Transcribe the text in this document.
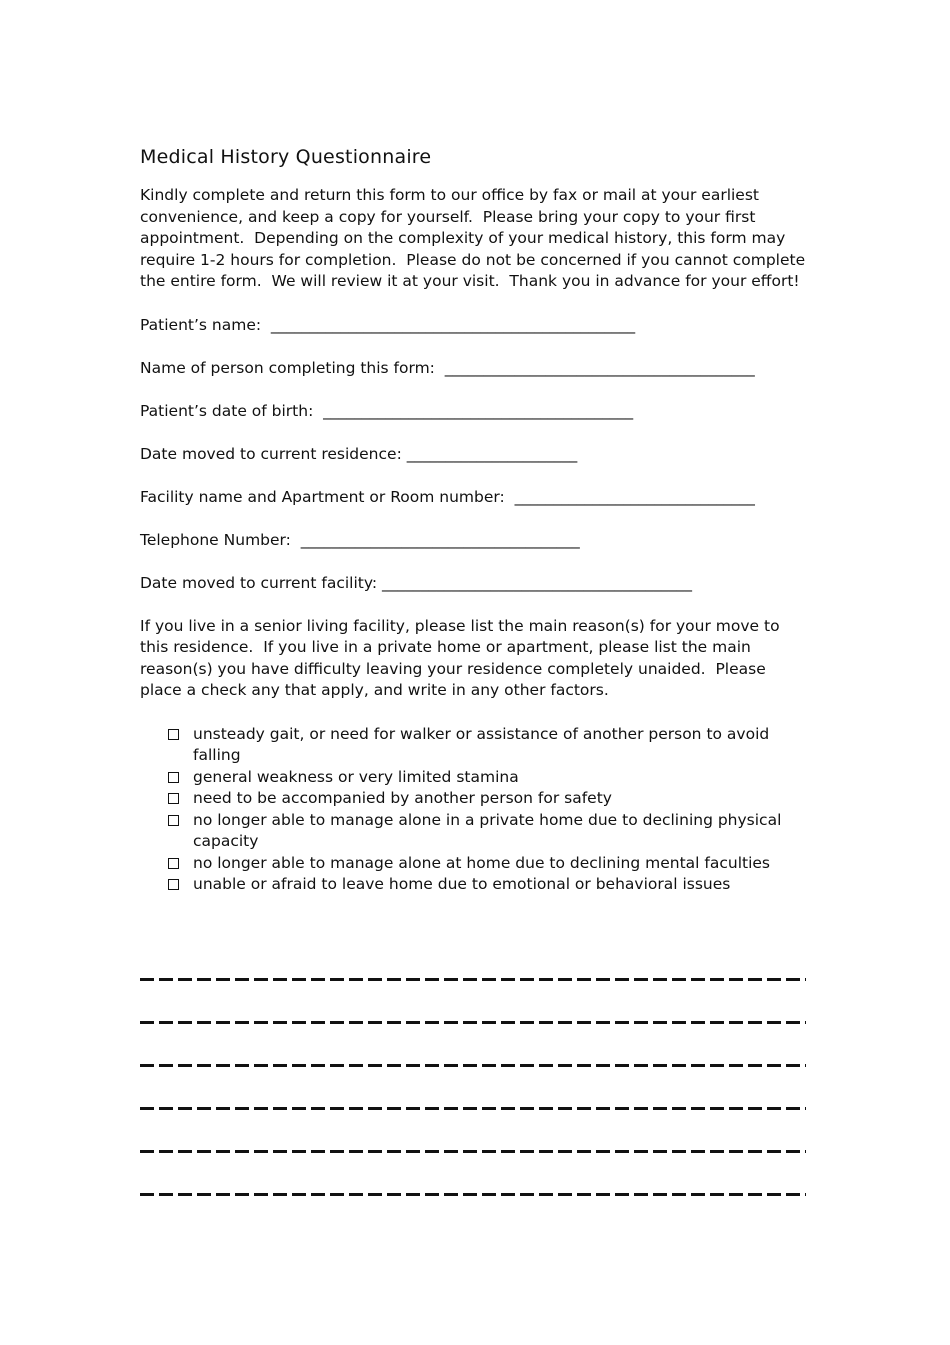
Medical History Questionnaire

Kindly complete and return this form to our office by fax or mail at your earliest convenience, and keep a copy for yourself.  Please bring your copy to your first appointment.  Depending on the complexity of your medical history, this form may require 1-2 hours for completion.  Please do not be concerned if you cannot complete the entire form.  We will review it at your visit.  Thank you in advance for your effort!

Patient’s name:  _______________________________________________
Name of person completing this form:  ________________________________________
Patient’s date of birth:  ________________________________________
Date moved to current residence: ______________________
Facility name and Apartment or Room number:  _______________________________
Telephone Number:  ____________________________________
Date moved to current facility: ________________________________________

If you live in a senior living facility, please list the main reason(s) for your move to this residence.  If you live in a private home or apartment, please list the main reason(s) you have difficulty leaving your residence completely unaided.  Please place a check any that apply, and write in any other factors.

unsteady gait, or need for walker or assistance of another person to avoid falling
general weakness or very limited stamina
need to be accompanied by another person for safety
no longer able to manage alone in a private home due to declining physical capacity
no longer able to manage alone at home due to declining mental faculties
unable or afraid to leave home due to emotional or behavioral issues
